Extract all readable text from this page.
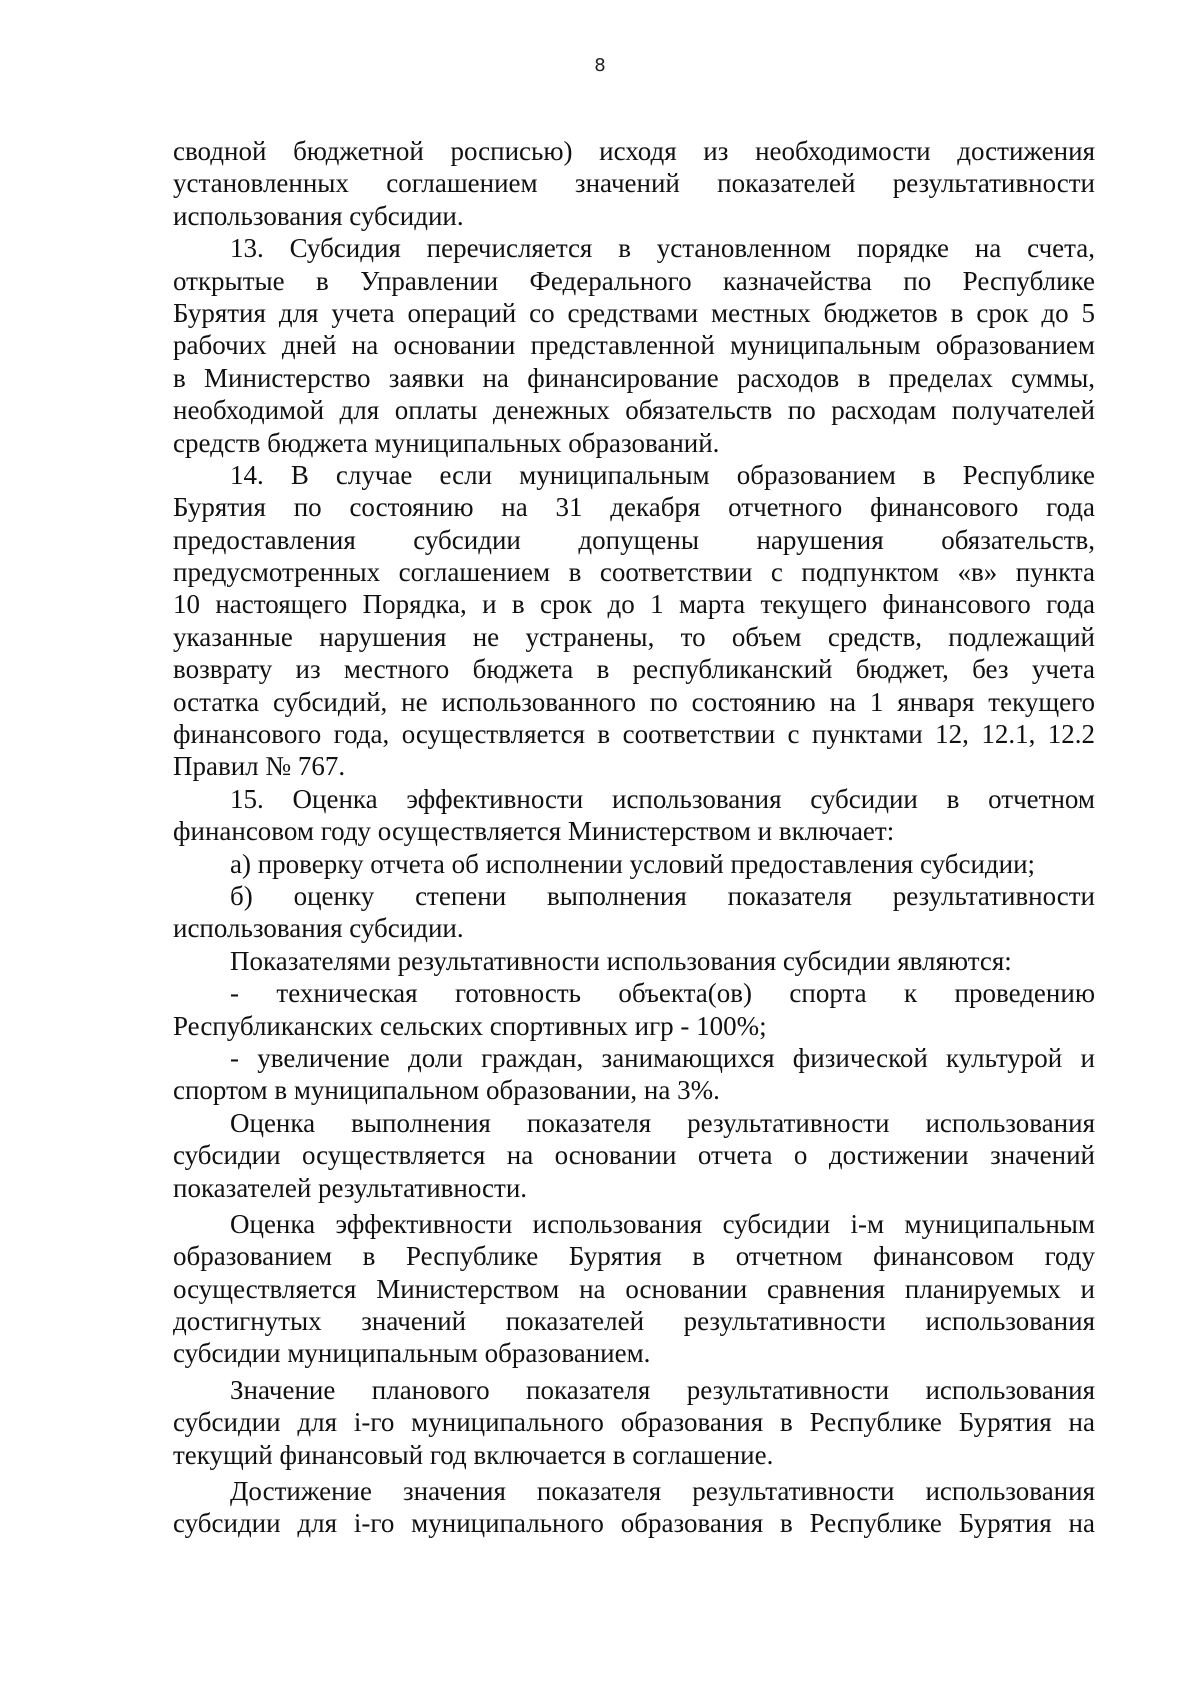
8
сводной бюджетной росписью) исходя из необходимости достижения
установленных соглашением значений показателей результативности
использования субсидии.
13. Субсидия перечисляется в установленном порядке на счета,
открытые в Управлении Федерального казначейства по Республике
Бурятия для учета операций со средствами местных бюджетов в срок до 5
рабочих дней на основании представленной муниципальным образованием
в Министерство заявки на финансирование расходов в пределах суммы,
необходимой для оплаты денежных обязательств по расходам получателей
средств бюджета муниципальных образований.
14. В случае если муниципальным образованием в Республике
Бурятия по состоянию на 31 декабря отчетного финансового года
предоставления субсидии допущены нарушения обязательств,
предусмотренных соглашением в соответствии с подпунктом «в» пункта
10 настоящего Порядка, и в срок до 1 марта текущего финансового года
указанные нарушения не устранены, то объем средств, подлежащий
возврату из местного бюджета в республиканский бюджет, без учета
остатка субсидий, не использованного по состоянию на 1 января текущего
финансового года, осуществляется в соответствии с пунктами 12, 12.1, 12.2
Правил № 767.
15. Оценка эффективности использования субсидии в отчетном
финансовом году осуществляется Министерством и включает:
а) проверку отчета об исполнении условий предоставления субсидии;
б) оценку степени выполнения показателя результативности
использования субсидии.
Показателями результативности использования субсидии являются:
- техническая готовность объекта(ов) спорта к проведению
Республиканских сельских спортивных игр - 100%;
- увеличение доли граждан, занимающихся физической культурой и
спортом в муниципальном образовании, на 3%.
Оценка выполнения показателя результативности использования
субсидии осуществляется на основании отчета о достижении значений
показателей результативности.
Оценка эффективности использования субсидии i-м муниципальным
образованием в Республике Бурятия в отчетном финансовом году
осуществляется Министерством на основании сравнения планируемых и
достигнутых значений показателей результативности использования
субсидии муниципальным образованием.
Значение планового показателя результативности использования
субсидии для i-го муниципального образования в Республике Бурятия на
текущий финансовый год включается в соглашение.
Достижение значения показателя результативности использования
субсидии для i-го муниципального образования в Республике Бурятия на
